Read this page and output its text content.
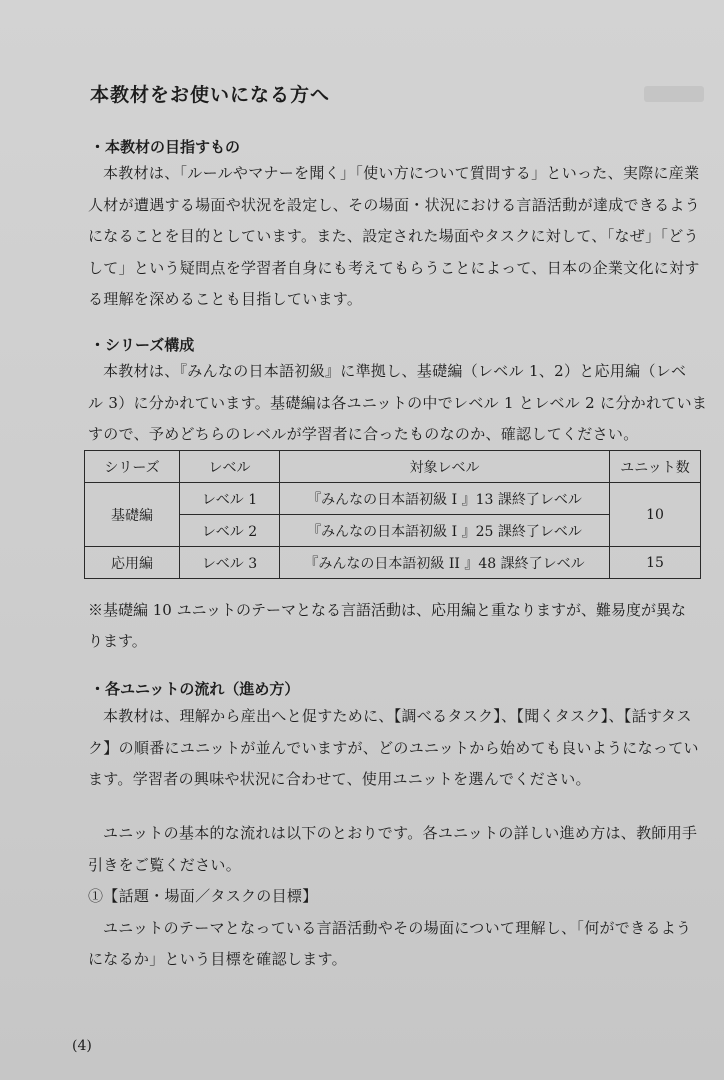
本教材をお使いになる方へ
・本教材の目指すもの

本教材は、「ルールやマナーを聞く」「使い方について質問する」といった、実際に産業
人材が遭遇する場面や状況を設定し、その場面・状況における言語活動が達成できるよう
になることを目的としています。また、設定された場面やタスクに対して、「なぜ」「どう
して」という疑問点を学習者自身にも考えてもらうことによって、日本の企業文化に対す
る理解を深めることも目指しています。

・シリーズ構成

本教材は、『みんなの日本語初級』に準拠し、基礎編（レベル 1、2）と応用編（レベ
ル 3）に分かれています。基礎編は各ユニットの中でレベル 1 とレベル 2 に分かれていま
すので、予めどちらのレベルが学習者に合ったものなのか、確認してください。

シリーズ	レベル	対象レベル	ユニット数
基礎編	レベル 1	『みんなの日本語初級 I 』13 課終了レベル	10
	レベル 2	『みんなの日本語初級 I 』25 課終了レベル	
応用編	レベル 3	『みんなの日本語初級 II 』48 課終了レベル	15

※基礎編 10 ユニットのテーマとなる言語活動は、応用編と重なりますが、難易度が異な
ります。

・各ユニットの流れ（進め方）

本教材は、理解から産出へと促すために、【調べるタスク】、【聞くタスク】、【話すタス
ク】の順番にユニットが並んでいますが、どのユニットから始めても良いようになってい
ます。学習者の興味や状況に合わせて、使用ユニットを選んでください。

ユニットの基本的な流れは以下のとおりです。各ユニットの詳しい進め方は、教師用手
引きをご覧ください。
①【話題・場面／タスクの目標】
ユニットのテーマとなっている言語活動やその場面について理解し、「何ができるよう
になるか」という目標を確認します。

(4)
